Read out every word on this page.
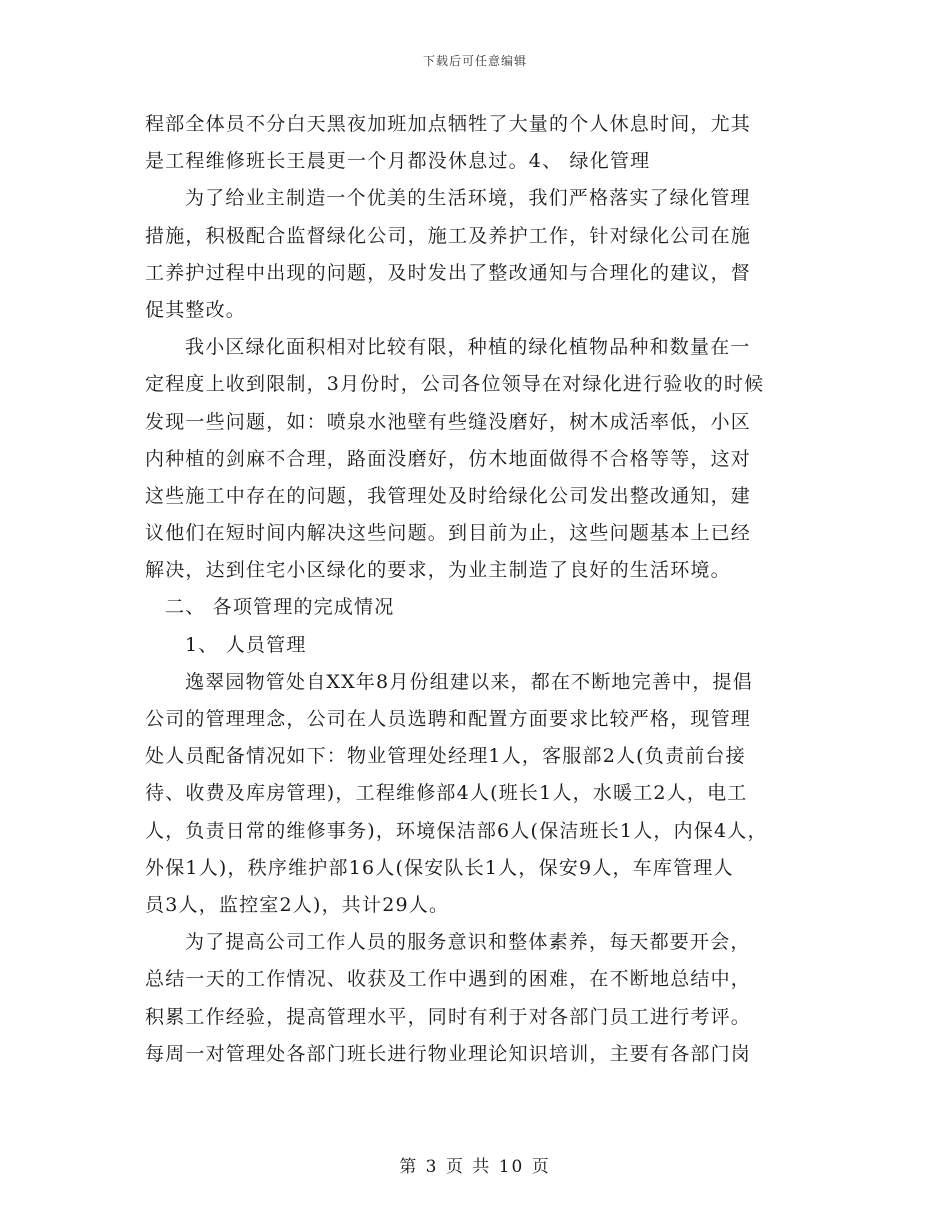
下载后可任意编辑
程部全体员不分白天黑夜加班加点牺牲了大量的个人休息时间，尤其
是工程维修班长王晨更一个月都没休息过。4、 绿化管理
为了给业主制造一个优美的生活环境，我们严格落实了绿化管理
措施，积极配合监督绿化公司，施工及养护工作，针对绿化公司在施
工养护过程中出现的问题，及时发出了整改通知与合理化的建议，督
促其整改。
我小区绿化面积相对比较有限，种植的绿化植物品种和数量在一
定程度上收到限制，3月份时，公司各位领导在对绿化进行验收的时候
发现一些问题，如：喷泉水池壁有些缝没磨好，树木成活率低，小区
内种植的剑麻不合理，路面没磨好，仿木地面做得不合格等等，这对
这些施工中存在的问题，我管理处及时给绿化公司发出整改通知，建
议他们在短时间内解决这些问题。到目前为止，这些问题基本上已经
解决，达到住宅小区绿化的要求，为业主制造了良好的生活环境。
二、 各项管理的完成情况
1、 人员管理
逸翠园物管处自XX年8月份组建以来，都在不断地完善中，提倡
公司的管理理念，公司在人员选聘和配置方面要求比较严格，现管理
处人员配备情况如下：物业管理处经理1人，客服部2人(负责前台接
待、收费及库房管理)，工程维修部4人(班长1人，水暖工2人，电工
人，负责日常的维修事务)，环境保洁部6人(保洁班长1人，内保4人，
外保1人)，秩序维护部16人(保安队长1人，保安9人，车库管理人
员3人，监控室2人)，共计29人。
为了提高公司工作人员的服务意识和整体素养，每天都要开会，
总结一天的工作情况、收获及工作中遇到的困难，在不断地总结中，
积累工作经验，提高管理水平，同时有利于对各部门员工进行考评。
每周一对管理处各部门班长进行物业理论知识培训，主要有各部门岗
第 3 页 共 10 页
